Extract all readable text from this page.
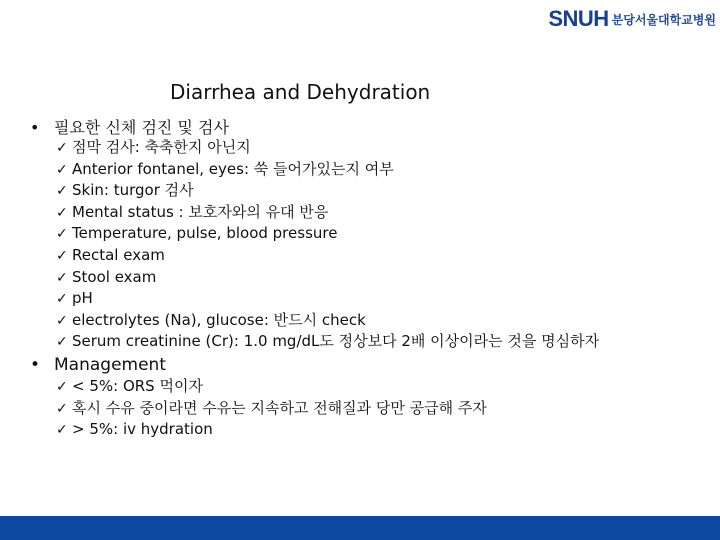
SNUH 분당서울대학교병원
Diarrhea and Dehydration
• 필요한 신체 검진 및 검사
✓ 점막 검사: 축축한지 아닌지
✓ Anterior fontanel, eyes: 쑥 들어가있는지 여부
✓ Skin: turgor 검사
✓ Mental status : 보호자와의 유대 반응
✓ Temperature, pulse, blood pressure
✓ Rectal exam
✓ Stool exam
✓ pH
✓ electrolytes (Na), glucose: 반드시 check
✓ Serum creatinine (Cr): 1.0 mg/dL도 정상보다 2배 이상이라는 것을 명심하자
• Management
✓ < 5%: ORS 먹이자
✓ 혹시 수유 중이라면 수유는 지속하고 전해질과 당만 공급해 주자
✓ > 5%: iv hydration
